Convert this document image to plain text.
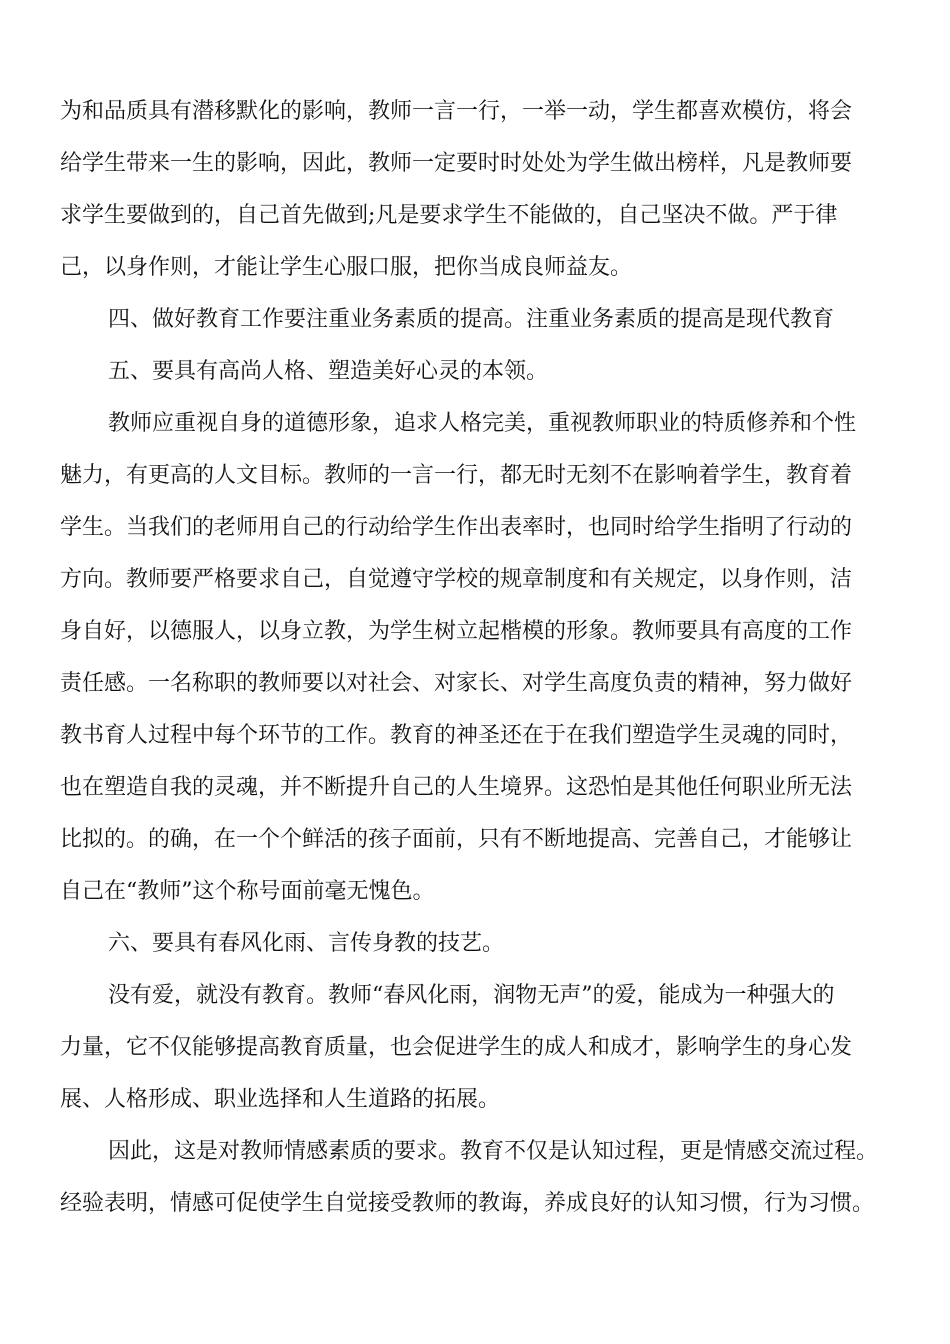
为和品质具有潜移默化的影响，教师一言一行，一举一动，学生都喜欢模仿，将会
给学生带来一生的影响，因此，教师一定要时时处处为学生做出榜样，凡是教师要
求学生要做到的，自己首先做到;凡是要求学生不能做的，自己坚决不做。严于律
己，以身作则，才能让学生心服口服，把你当成良师益友。
四、做好教育工作要注重业务素质的提高。注重业务素质的提高是现代教育
五、要具有高尚人格、塑造美好心灵的本领。
教师应重视自身的道德形象，追求人格完美，重视教师职业的特质修养和个性
魅力，有更高的人文目标。教师的一言一行，都无时无刻不在影响着学生，教育着
学生。当我们的老师用自己的行动给学生作出表率时，也同时给学生指明了行动的
方向。教师要严格要求自己，自觉遵守学校的规章制度和有关规定，以身作则，洁
身自好，以德服人，以身立教，为学生树立起楷模的形象。教师要具有高度的工作
责任感。一名称职的教师要以对社会、对家长、对学生高度负责的精神，努力做好
教书育人过程中每个环节的工作。教育的神圣还在于在我们塑造学生灵魂的同时，
也在塑造自我的灵魂，并不断提升自己的人生境界。这恐怕是其他任何职业所无法
比拟的。的确，在一个个鲜活的孩子面前，只有不断地提高、完善自己，才能够让
自己在“教师”这个称号面前毫无愧色。
六、要具有春风化雨、言传身教的技艺。
没有爱，就没有教育。教师“春风化雨，润物无声”的爱，能成为一种强大的
力量，它不仅能够提高教育质量，也会促进学生的成人和成才，影响学生的身心发
展、人格形成、职业选择和人生道路的拓展。
因此，这是对教师情感素质的要求。教育不仅是认知过程，更是情感交流过程。
经验表明，情感可促使学生自觉接受教师的教诲，养成良好的认知习惯，行为习惯。
